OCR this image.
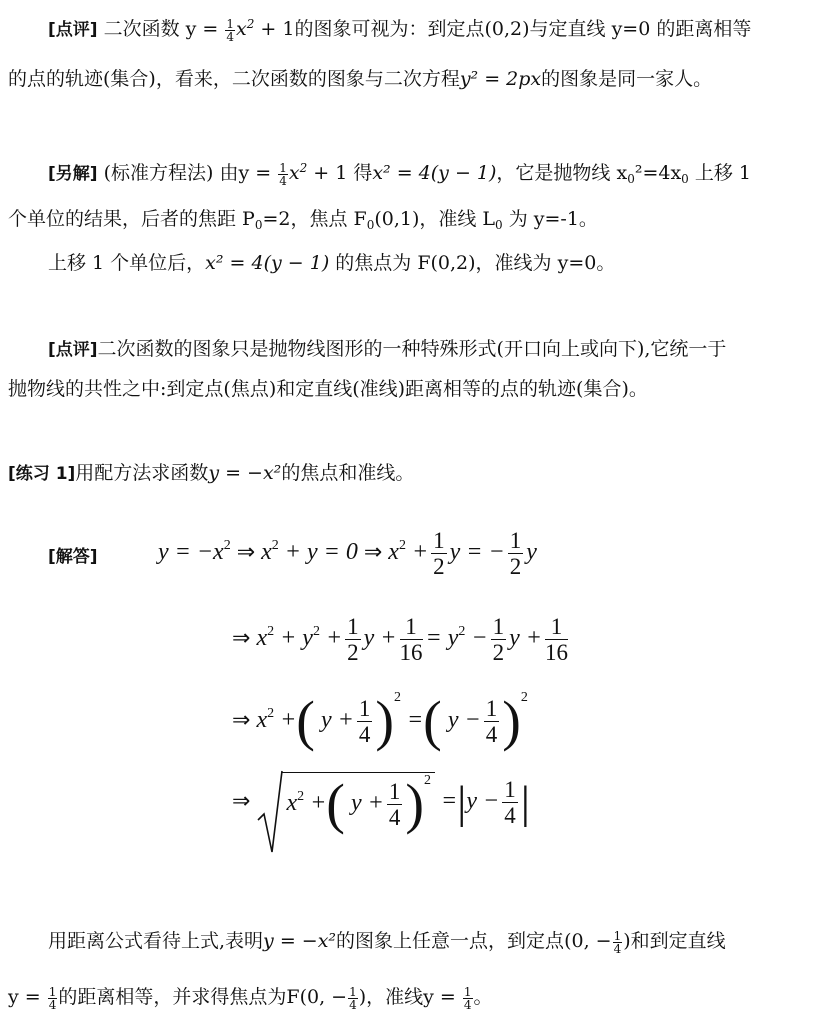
[点评] 二次函数 $y = \frac{1}{4} x^2 + 1$的图象可视为：到定点(0,2)与定直线 y=0 的距离相等
的点的轨迹(集合)，看来，二次函数的图象与二次方程y² = 2px的图象是同一家人。
[另解] (标准方程法) 由$y = \frac{1}{4} x^2 + 1$ 得x² = 4(y − 1)，它是抛物线 $x_0^2=4x_0$ 上移 1
个单位的结果，后者的焦距 $P_0=2$，焦点 $F_0(0,1)$，准线 $L_0$ 为 y=-1。
上移 1 个单位后，x² = 4(y − 1) 的焦点为 F(0,2)，准线为 y=0。
[点评]二次函数的图象只是抛物线图形的一种特殊形式(开口向上或向下),它统一于
抛物线的共性之中:到定点(焦点)和定直线(准线)距离相等的点的轨迹(集合)。
[练习 1]用配方法求函数y = −x²的焦点和准线。
[解答]	$y = -x^2$ ⇒ $x^2 + y = 0$ ⇒ $x^2 + \frac{1}{2}$ y = − $\frac{1}{2}$ y
⇒ $x^2 + y^2 + \frac{1}{2}$ $y + \frac{1}{16} = y^2 - \frac{1}{2}$ $y + \frac{1}{16}$
⇒ $x^2$ +( $y + \frac{1}{4} )^2$ =( $y - \frac{1}{4} )^2$
⇒ $x^2$ +( $y + \frac{1}{4} )^2 =|y - \frac{1}{4}$ |
用距离公式看待上式,表明y = −x²的图象上任意一点，到定点(0, − $\frac{1}{4}$ )和到定直线
$y = \frac{1}{4}$ 的距离相等，并求得焦点为F(0, − $\frac{1}{4}$ )，准线$y = \frac{1}{4}$ 。
